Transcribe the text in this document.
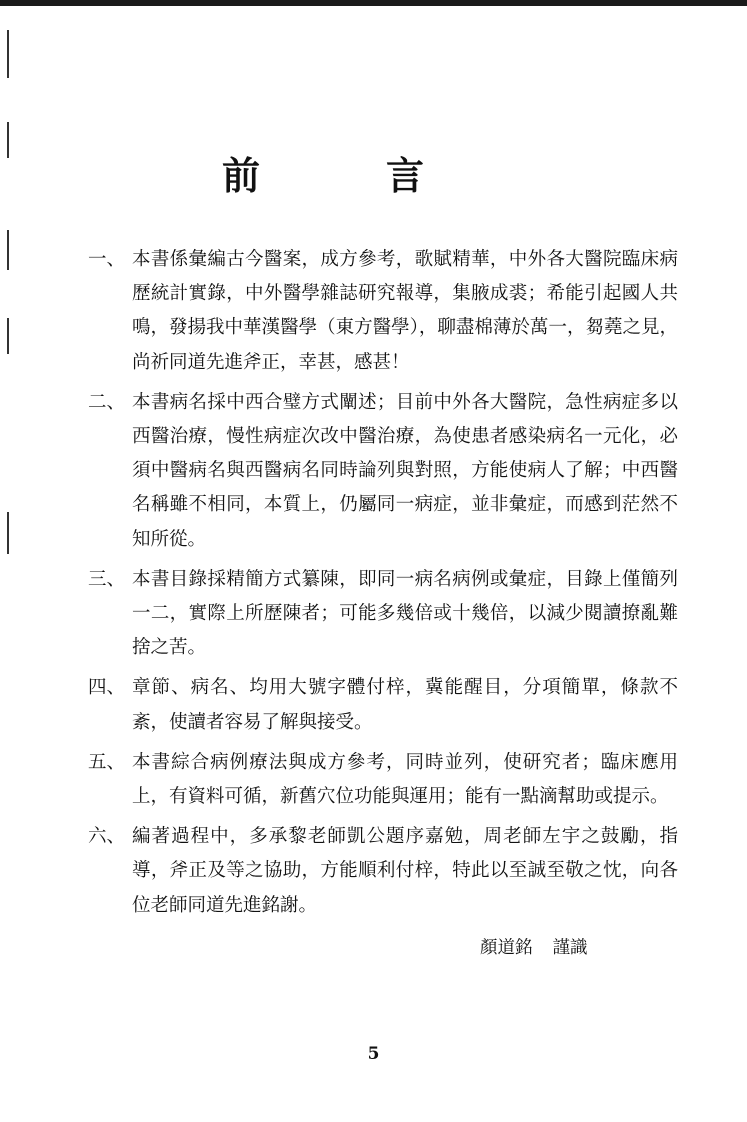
前　言
一、 本書係彙編古今醫案，成方參考，歌賦精華，中外各大醫院臨床病歷統計實錄，中外醫學雜誌研究報導，集腋成裘；希能引起國人共鳴，發揚我中華漢醫學（東方醫學），聊盡棉薄於萬一，芻蕘之見，尚祈同道先進斧正，幸甚，感甚！
二、 本書病名採中西合璧方式闡述；目前中外各大醫院，急性病症多以西醫治療，慢性病症次改中醫治療，為使患者感染病名一元化，必須中醫病名與西醫病名同時論列與對照，方能使病人了解；中西醫名稱雖不相同，本質上，仍屬同一病症，並非彙症，而感到茫然不知所從。
三、 本書目錄採精簡方式纂陳，即同一病名病例或彙症，目錄上僅簡列一二，實際上所歷陳者；可能多幾倍或十幾倍，以減少閱讀撩亂難捨之苦。
四、 章節、病名、均用大號字體付梓，冀能醒目，分項簡單，條款不紊，使讀者容易了解與接受。
五、 本書綜合病例療法與成方參考，同時並列，使研究者；臨床應用上，有資料可循，新舊穴位功能與運用；能有一點滴幫助或提示。
六、 編著過程中，多承黎老師凱公題序嘉勉，周老師左宇之鼓勵，指導，斧正及等之協助，方能順利付梓，特此以至誠至敬之忱，向各位老師同道先進銘謝。
顏道銘 謹識
5
